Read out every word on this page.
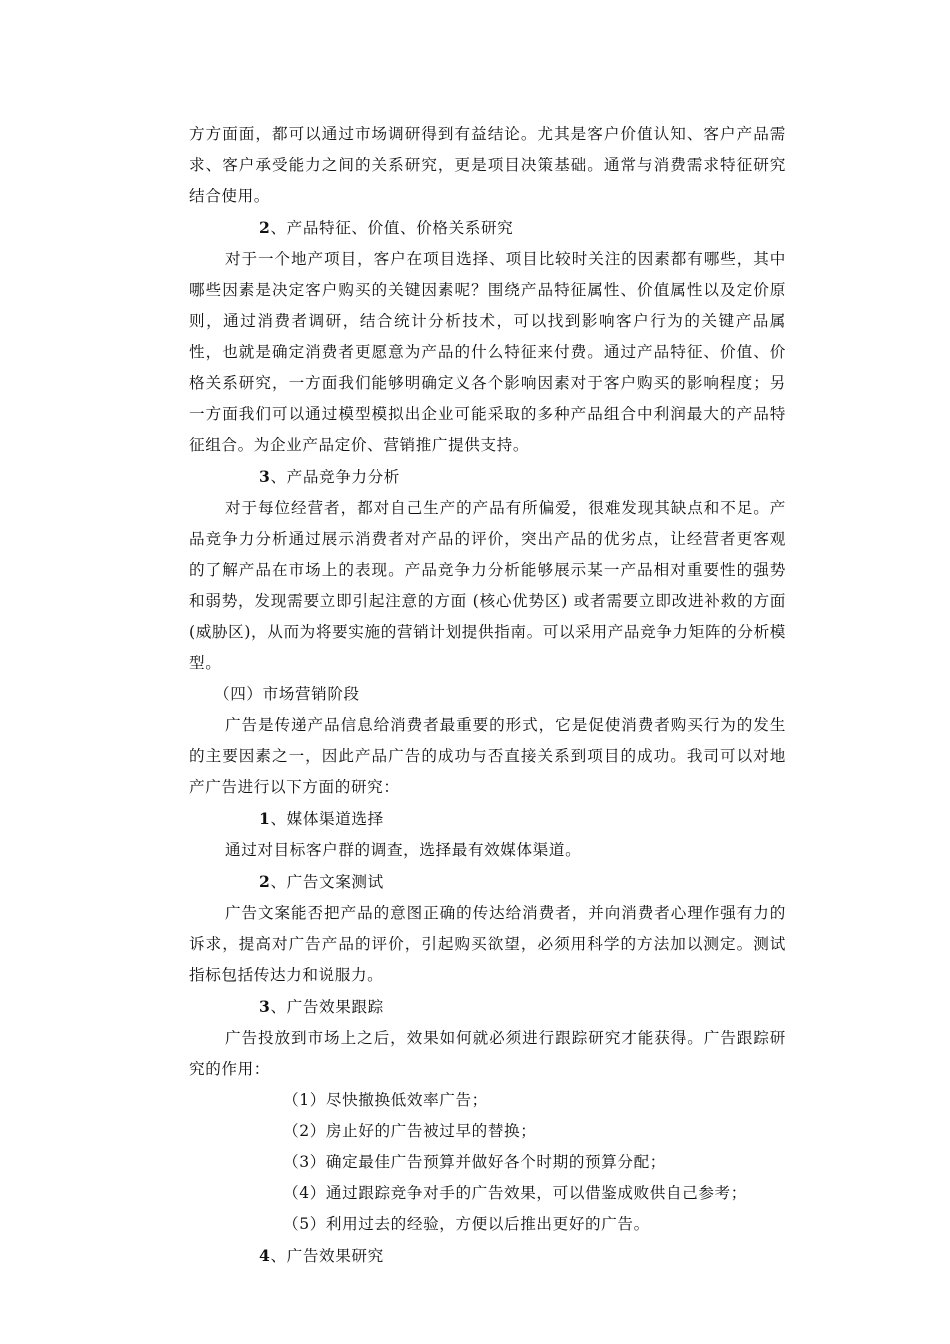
方方面面，都可以通过市场调研得到有益结论。尤其是客户价值认知、客户产品需求、客户承受能力之间的关系研究，更是项目决策基础。通常与消费需求特征研究结合使用。

2、产品特征、价值、价格关系研究

对于一个地产项目，客户在项目选择、项目比较时关注的因素都有哪些，其中哪些因素是决定客户购买的关键因素呢？围绕产品特征属性、价值属性以及定价原则，通过消费者调研，结合统计分析技术，可以找到影响客户行为的关键产品属性，也就是确定消费者更愿意为产品的什么特征来付费。通过产品特征、价值、价格关系研究，一方面我们能够明确定义各个影响因素对于客户购买的影响程度；另一方面我们可以通过模型模拟出企业可能采取的多种产品组合中利润最大的产品特征组合。为企业产品定价、营销推广提供支持。

3、产品竞争力分析

对于每位经营者，都对自己生产的产品有所偏爱，很难发现其缺点和不足。产品竞争力分析通过展示消费者对产品的评价，突出产品的优劣点，让经营者更客观的了解产品在市场上的表现。产品竞争力分析能够展示某一产品相对重要性的强势和弱势，发现需要立即引起注意的方面 (核心优势区) 或者需要立即改进补救的方面 (威胁区)，从而为将要实施的营销计划提供指南。可以采用产品竞争力矩阵的分析模型。

（四）市场营销阶段

广告是传递产品信息给消费者最重要的形式，它是促使消费者购买行为的发生的主要因素之一，因此产品广告的成功与否直接关系到项目的成功。我司可以对地产广告进行以下方面的研究：

1、媒体渠道选择

通过对目标客户群的调查，选择最有效媒体渠道。

2、广告文案测试

广告文案能否把产品的意图正确的传达给消费者，并向消费者心理作强有力的诉求，提高对广告产品的评价，引起购买欲望，必须用科学的方法加以测定。测试指标包括传达力和说服力。

3、广告效果跟踪

广告投放到市场上之后，效果如何就必须进行跟踪研究才能获得。广告跟踪研究的作用：

（1）尽快撤换低效率广告；

（2）房止好的广告被过早的替换；

（3）确定最佳广告预算并做好各个时期的预算分配；

（4）通过跟踪竞争对手的广告效果，可以借鉴成败供自己参考；

（5）利用过去的经验，方便以后推出更好的广告。

4、广告效果研究
